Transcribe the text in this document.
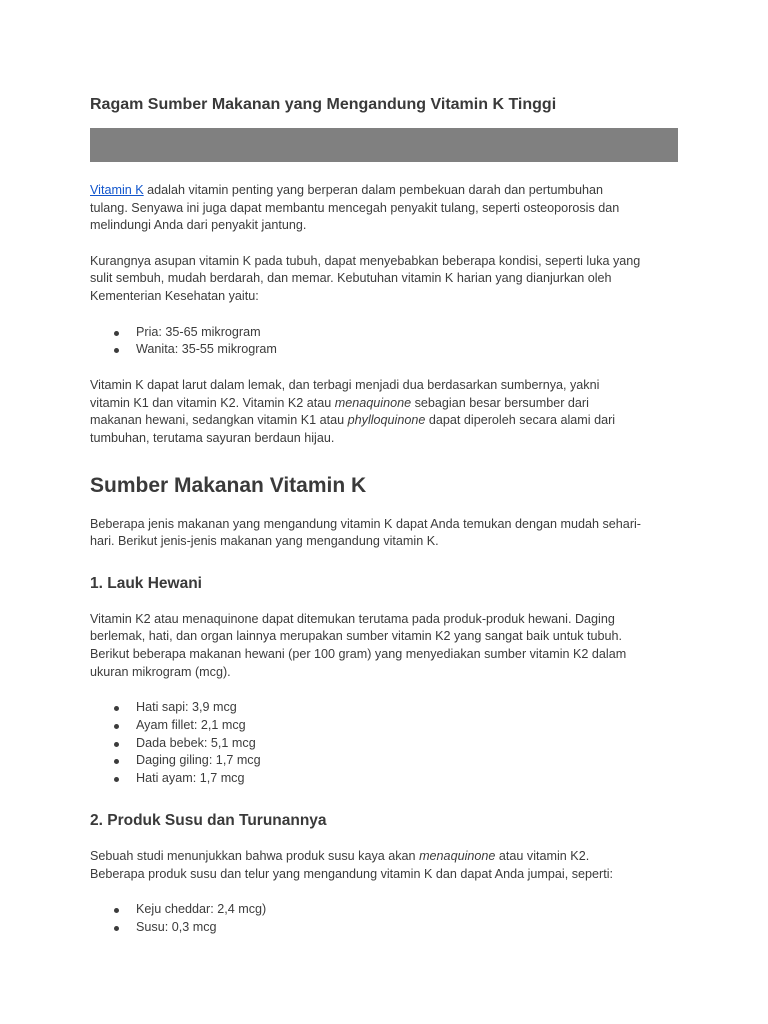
Ragam Sumber Makanan yang Mengandung Vitamin K Tinggi

Vitamin K adalah vitamin penting yang berperan dalam pembekuan darah dan pertumbuhan
tulang. Senyawa ini juga dapat membantu mencegah penyakit tulang, seperti osteoporosis dan
melindungi Anda dari penyakit jantung.

Kurangnya asupan vitamin K pada tubuh, dapat menyebabkan beberapa kondisi, seperti luka yang
sulit sembuh, mudah berdarah, dan memar. Kebutuhan vitamin K harian yang dianjurkan oleh
Kementerian Kesehatan yaitu:

Pria: 35-65 mikrogram
Wanita: 35-55 mikrogram

Vitamin K dapat larut dalam lemak, dan terbagi menjadi dua berdasarkan sumbernya, yakni
vitamin K1 dan vitamin K2. Vitamin K2 atau menaquinone sebagian besar bersumber dari
makanan hewani, sedangkan vitamin K1 atau phylloquinone dapat diperoleh secara alami dari
tumbuhan, terutama sayuran berdaun hijau.

Sumber Makanan Vitamin K

Beberapa jenis makanan yang mengandung vitamin K dapat Anda temukan dengan mudah sehari-
hari. Berikut jenis-jenis makanan yang mengandung vitamin K.

1. Lauk Hewani

Vitamin K2 atau menaquinone dapat ditemukan terutama pada produk-produk hewani. Daging
berlemak, hati, dan organ lainnya merupakan sumber vitamin K2 yang sangat baik untuk tubuh.
Berikut beberapa makanan hewani (per 100 gram) yang menyediakan sumber vitamin K2 dalam
ukuran mikrogram (mcg).

Hati sapi: 3,9 mcg
Ayam fillet: 2,1 mcg
Dada bebek: 5,1 mcg
Daging giling: 1,7 mcg
Hati ayam: 1,7 mcg
2. Produk Susu dan Turunannya

Sebuah studi menunjukkan bahwa produk susu kaya akan menaquinone atau vitamin K2.
Beberapa produk susu dan telur yang mengandung vitamin K dan dapat Anda jumpai, seperti:

Keju cheddar: 2,4 mcg)
Susu: 0,3 mcg
